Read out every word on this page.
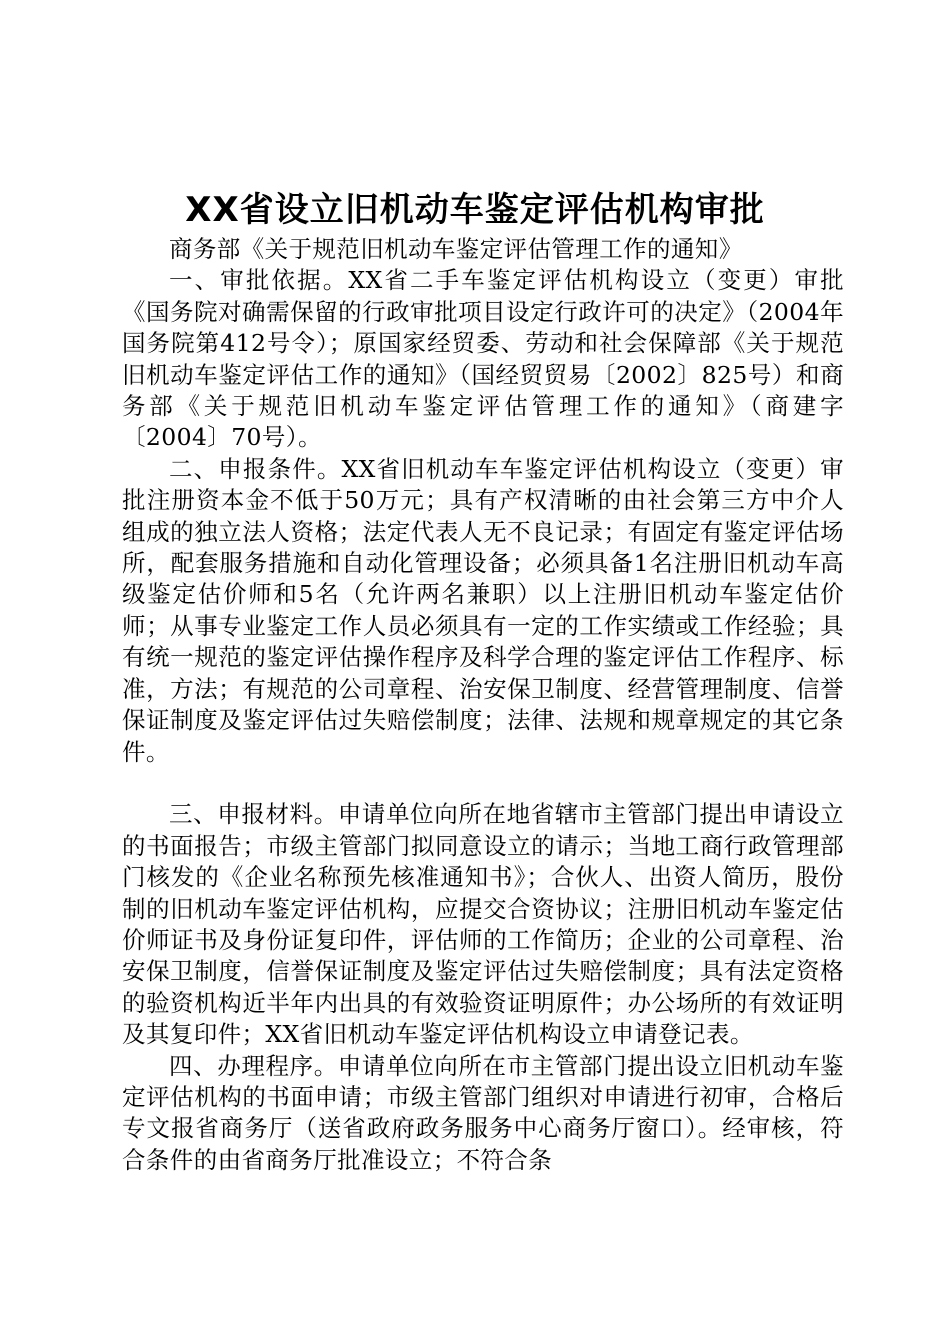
XX省设立旧机动车鉴定评估机构审批

商务部《关于规范旧机动车鉴定评估管理工作的通知》

一、审批依据。XX省二手车鉴定评估机构设立（变更）审批《国务院对确需保留的行政审批项目设定行政许可的决定》（2004年国务院第412号令）；原国家经贸委、劳动和社会保障部《关于规范旧机动车鉴定评估工作的通知》（国经贸贸易〔2002〕825号）和商务部《关于规范旧机动车鉴定评估管理工作的通知》（商建字〔2004〕70号）。

二、申报条件。XX省旧机动车车鉴定评估机构设立（变更）审批注册资本金不低于50万元；具有产权清晰的由社会第三方中介人组成的独立法人资格；法定代表人无不良记录；有固定有鉴定评估场所，配套服务措施和自动化管理设备；必须具备1名注册旧机动车高级鉴定估价师和5名（允许两名兼职）以上注册旧机动车鉴定估价师；从事专业鉴定工作人员必须具有一定的工作实绩或工作经验；具有统一规范的鉴定评估操作程序及科学合理的鉴定评估工作程序、标准，方法；有规范的公司章程、治安保卫制度、经营管理制度、信誉保证制度及鉴定评估过失赔偿制度；法律、法规和规章规定的其它条件。

三、申报材料。申请单位向所在地省辖市主管部门提出申请设立的书面报告；市级主管部门拟同意设立的请示；当地工商行政管理部门核发的《企业名称预先核准通知书》；合伙人、出资人简历，股份制的旧机动车鉴定评估机构，应提交合资协议；注册旧机动车鉴定估价师证书及身份证复印件，评估师的工作简历；企业的公司章程、治安保卫制度，信誉保证制度及鉴定评估过失赔偿制度；具有法定资格的验资机构近半年内出具的有效验资证明原件；办公场所的有效证明及其复印件；XX省旧机动车鉴定评估机构设立申请登记表。

四、办理程序。申请单位向所在市主管部门提出设立旧机动车鉴定评估机构的书面申请；市级主管部门组织对申请进行初审，合格后专文报省商务厅（送省政府政务服务中心商务厅窗口）。经审核，符合条件的由省商务厅批准设立；不符合条
